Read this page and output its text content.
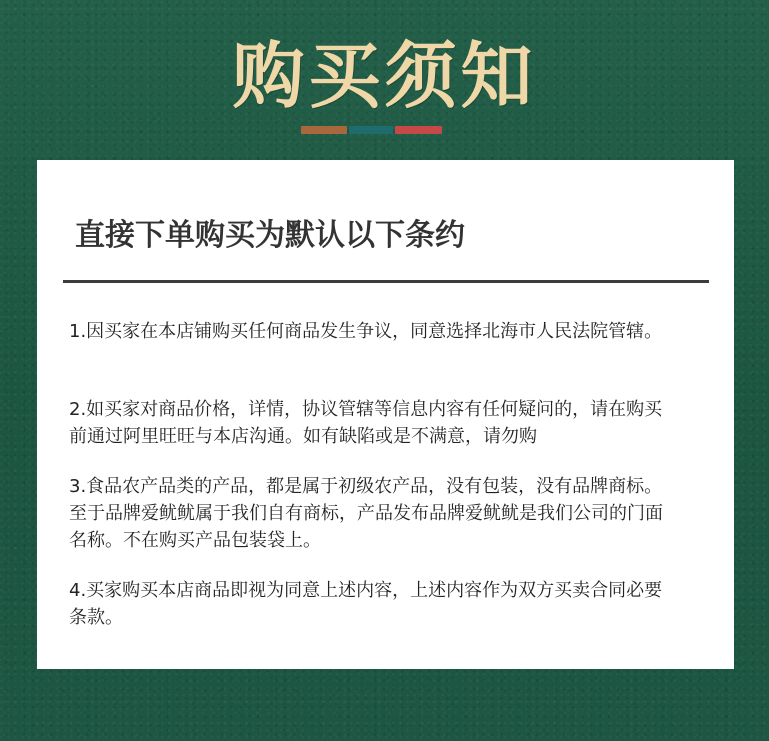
购买须知
直接下单购买为默认以下条约
1.因买家在本店铺购买任何商品发生争议，同意选择北海市人民法院管辖。
2.如买家对商品价格，详情，协议管辖等信息内容有任何疑问的，请在购买前通过阿里旺旺与本店沟通。如有缺陷或是不满意，请勿购
3.食品农产品类的产品，都是属于初级农产品，没有包装，没有品牌商标。至于品牌爱鱿鱿属于我们自有商标，产品发布品牌爱鱿鱿是我们公司的门面名称。不在购买产品包装袋上。
4.买家购买本店商品即视为同意上述内容，上述内容作为双方买卖合同必要条款。
